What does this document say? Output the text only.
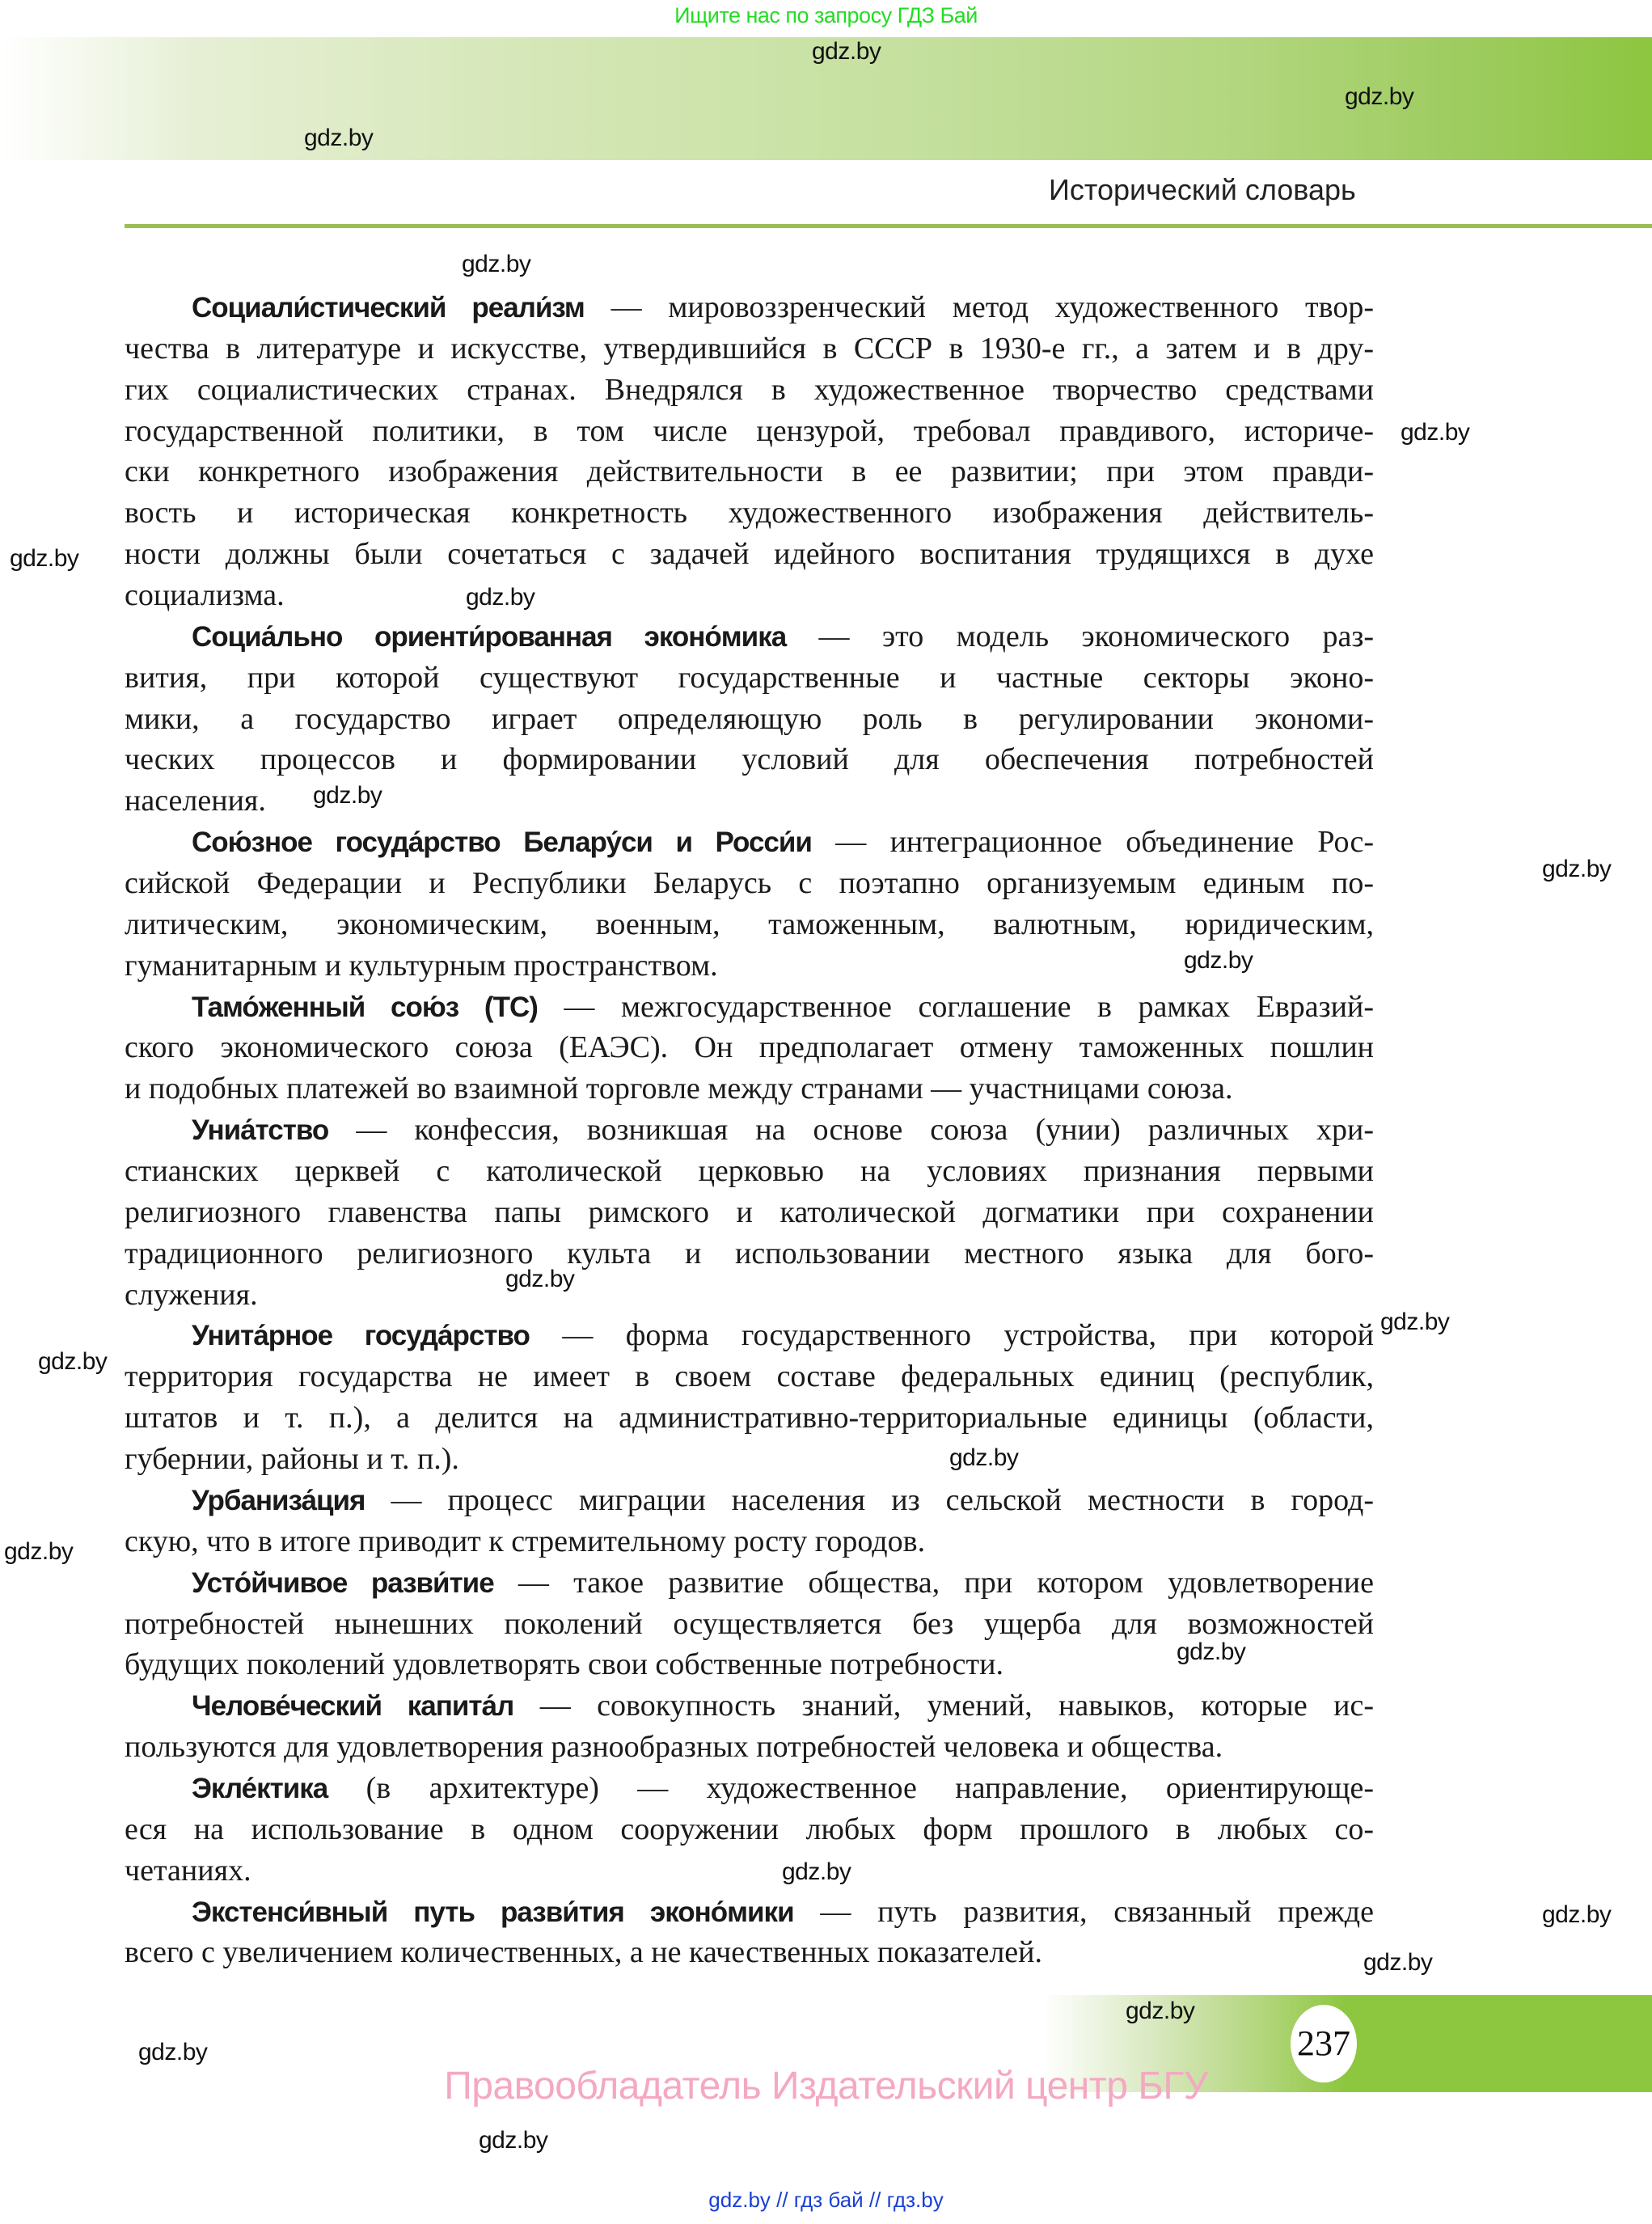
Ищите нас по запросу ГДЗ Бай
Исторический словарь
Социали́стический реали́зм — мировоззренческий метод художественного твор-
чества в литературе и искусстве, утвердившийся в СССР в 1930-е гг., а затем и в дру-
гих социалистических странах. Внедрялся в художественное творчество средствами
государственной политики, в том числе цензурой, требовал правдивого, историче-
ски конкретного изображения действительности в ее развитии; при этом правди-
вость и историческая конкретность художественного изображения действитель-
ности должны были сочетаться с задачей идейного воспитания трудящихся в духе
социализма.
Социа́льно ориенти́рованная эконо́мика — это модель экономического раз-
вития, при которой существуют государственные и частные секторы эконо-
мики, а государство играет определяющую роль в регулировании экономи-
ческих процессов и формировании условий для обеспечения потребностей
населения.
Сою́зное госуда́рство Белару́си и Росси́и — интеграционное объединение Рос-
сийской Федерации и Республики Беларусь с поэтапно организуемым единым по-
литическим, экономическим, военным, таможенным, валютным, юридическим,
гуманитарным и культурным пространством.
Тамо́женный сою́з (ТС) — межгосударственное соглашение в рамках Евразий-
ского экономического союза (ЕАЭС). Он предполагает отмену таможенных пошлин
и подобных платежей во взаимной торговле между странами — участницами союза.
Униа́тство — конфессия, возникшая на основе союза (унии) различных хри-
стианских церквей с католической церковью на условиях признания первыми
религиозного главенства папы римского и католической догматики при сохранении
традиционного религиозного культа и использовании местного языка для бого-
служения.
Унита́рное госуда́рство — форма государственного устройства, при которой
территория государства не имеет в своем составе федеральных единиц (республик,
штатов и т. п.), а делится на административно-территориальные единицы (области,
губернии, районы и т. п.).
Урбаниза́ция — процесс миграции населения из сельской местности в город-
скую, что в итоге приводит к стремительному росту городов.
Усто́йчивое разви́тие — такое развитие общества, при котором удовлетворение
потребностей нынешних поколений осуществляется без ущерба для возможностей
будущих поколений удовлетворять свои собственные потребности.
Челове́ческий капита́л — совокупность знаний, умений, навыков, которые ис-
пользуются для удовлетворения разнообразных потребностей человека и общества.
Экле́ктика (в архитектуре) — художественное направление, ориентирующе-
еся на использование в одном сооружении любых форм прошлого в любых со-
четаниях.
Экстенси́вный путь разви́тия эконо́мики — путь развития, связанный прежде
всего с увеличением количественных, а не качественных показателей.
gdz.by
gdz.by
gdz.by
gdz.by
gdz.by
gdz.by
gdz.by
gdz.by
gdz.by
gdz.by
gdz.by
gdz.by
gdz.by
gdz.by
gdz.by
gdz.by
gdz.by
gdz.by
gdz.by
gdz.by
gdz.by
gdz.by
237
Правообладатель Издательский центр БГУ
gdz.by // гдз бай // гдз.by
